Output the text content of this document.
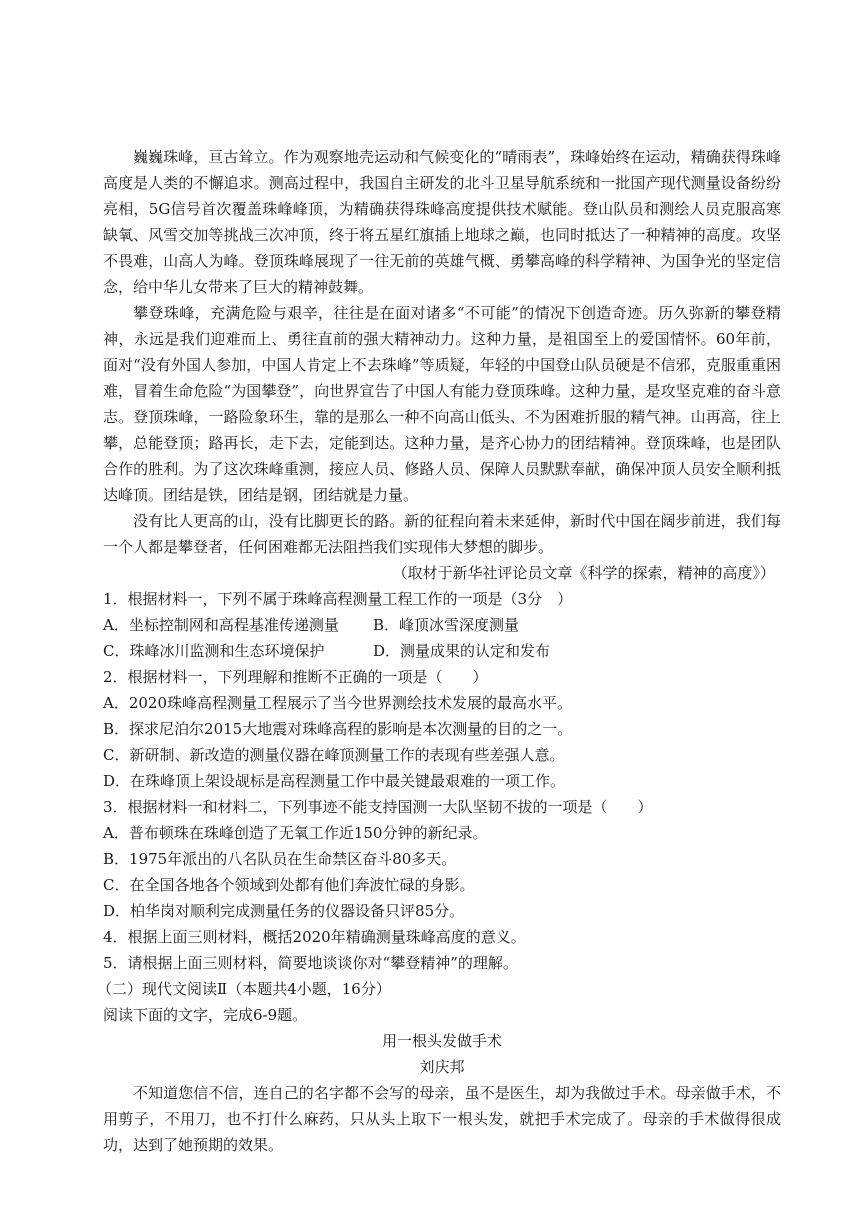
巍巍珠峰，亘古耸立。作为观察地壳运动和气候变化的“晴雨表”，珠峰始终在运动，精确获得珠峰高度是人类的不懈追求。测高过程中，我国自主研发的北斗卫星导航系统和一批国产现代测量设备纷纷亮相，5G信号首次覆盖珠峰峰顶，为精确获得珠峰高度提供技术赋能。登山队员和测绘人员克服高寒缺氧、风雪交加等挑战三次冲顶，终于将五星红旗插上地球之巅，也同时抵达了一种精神的高度。攻坚不畏难，山高人为峰。登顶珠峰展现了一往无前的英雄气概、勇攀高峰的科学精神、为国争光的坚定信念，给中华儿女带来了巨大的精神鼓舞。

攀登珠峰，充满危险与艰辛，往往是在面对诸多“不可能”的情况下创造奇迹。历久弥新的攀登精神，永远是我们迎难而上、勇往直前的强大精神动力。这种力量，是祖国至上的爱国情怀。60年前，面对“没有外国人参加，中国人肯定上不去珠峰”等质疑，年轻的中国登山队员硬是不信邪，克服重重困难，冒着生命危险“为国攀登”，向世界宣告了中国人有能力登顶珠峰。这种力量，是攻坚克难的奋斗意志。登顶珠峰，一路险象环生，靠的是那么一种不向高山低头、不为困难折服的精气神。山再高，往上攀，总能登顶；路再长，走下去，定能到达。这种力量，是齐心协力的团结精神。登顶珠峰，也是团队合作的胜利。为了这次珠峰重测，接应人员、修路人员、保障人员默默奉献，确保冲顶人员安全顺利抵达峰顶。团结是铁，团结是钢，团结就是力量。

没有比人更高的山，没有比脚更长的路。新的征程向着未来延伸，新时代中国在阔步前进，我们每一个人都是攀登者，任何困难都无法阻挡我们实现伟大梦想的脚步。

（取材于新华社评论员文章《科学的探索，精神的高度》）

1．根据材料一，下列不属于珠峰高程测量工程工作的一项是（3分　）

A．坐标控制网和高程基准传递测量	B．峰顶冰雪深度测量
C．珠峰冰川监测和生态环境保护	D．测量成果的认定和发布

2．根据材料一，下列理解和推断不正确的一项是（　　）

A．2020珠峰高程测量工程展示了当今世界测绘技术发展的最高水平。

B．探求尼泊尔2015大地震对珠峰高程的影响是本次测量的目的之一。

C．新研制、新改造的测量仪器在峰顶测量工作的表现有些差强人意。

D．在珠峰顶上架设觇标是高程测量工作中最关键最艰难的一项工作。

3．根据材料一和材料二，下列事迹不能支持国测一大队坚韧不拔的一项是（　　）

A．普布顿珠在珠峰创造了无氧工作近150分钟的新纪录。

B．1975年派出的八名队员在生命禁区奋斗80多天。

C．在全国各地各个领域到处都有他们奔波忙碌的身影。

D．柏华岗对顺利完成测量任务的仪器设备只评85分。

4．根据上面三则材料，概括2020年精确测量珠峰高度的意义。

5．请根据上面三则材料，简要地谈谈你对“攀登精神”的理解。

（二）现代文阅读Ⅱ（本题共4小题，16分）

阅读下面的文字，完成6-9题。

用一根头发做手术

刘庆邦

不知道您信不信，连自己的名字都不会写的母亲，虽不是医生，却为我做过手术。母亲做手术，不用剪子，不用刀，也不打什么麻药，只从头上取下一根头发，就把手术完成了。母亲的手术做得很成功，达到了她预期的效果。
